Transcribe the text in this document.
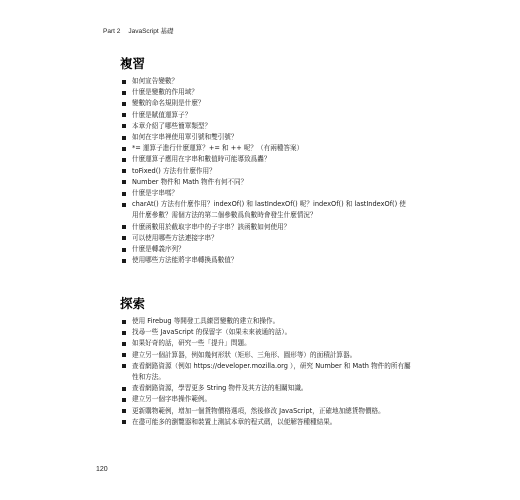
Part 2 JavaScript 基礎
複習
如何宣告變數？
什麼是變數的作用域？
變數的命名規則是什麼？
什麼是賦值運算子？
本章介紹了哪些簡單類型？
如何在字串裡使用單引號和雙引號？
*= 運算子進行什麼運算？+= 和 ++ 呢？（有兩種答案）
什麼運算子應用在字串和數值時可能導致爲轟？
toFixed() 方法有什麼作用？
Number 物件和 Math 物件有何不同？
什麼是字串嗎？
charAt() 方法有什麼作用？indexOf() 和 lastIndexOf() 呢？indexOf() 和 lastIndexOf() 使用什麼參數？需個方法的第二個參數爲負數時會發生什麼情況？
什麼函數用於截取字串中的子字串？該函數如何使用？
可以使用哪些方法連接字串？
什麼是轉義序列？
使用哪些方法能將字串轉換爲數值？
探索
使用 Firebug 等開發工具練習變數的建立和操作。
找尋一些 JavaScript 的保留字（如果未來被通的話）。
如果好奇的話，研究一些「提升」問題。
建立另一個計算器，例如幾何形狀（矩形、三角形、圓形等）的面積計算器。
查看網路資源（例如 https://developer.mozilla.org ），研究 Number 和 Math 物件的所有屬性和方法。
查看網路資源，學習更多 String 物件及其方法的相關知識。
建立另一個字串操作範例。
更新購物範例，增加一個貨物價格選項，然後修改 JavaScript，正確地加總貨物價格。
在盡可能多的瀏覽器和裝置上測試本章的程式碼，以便解答種種結果。
120
